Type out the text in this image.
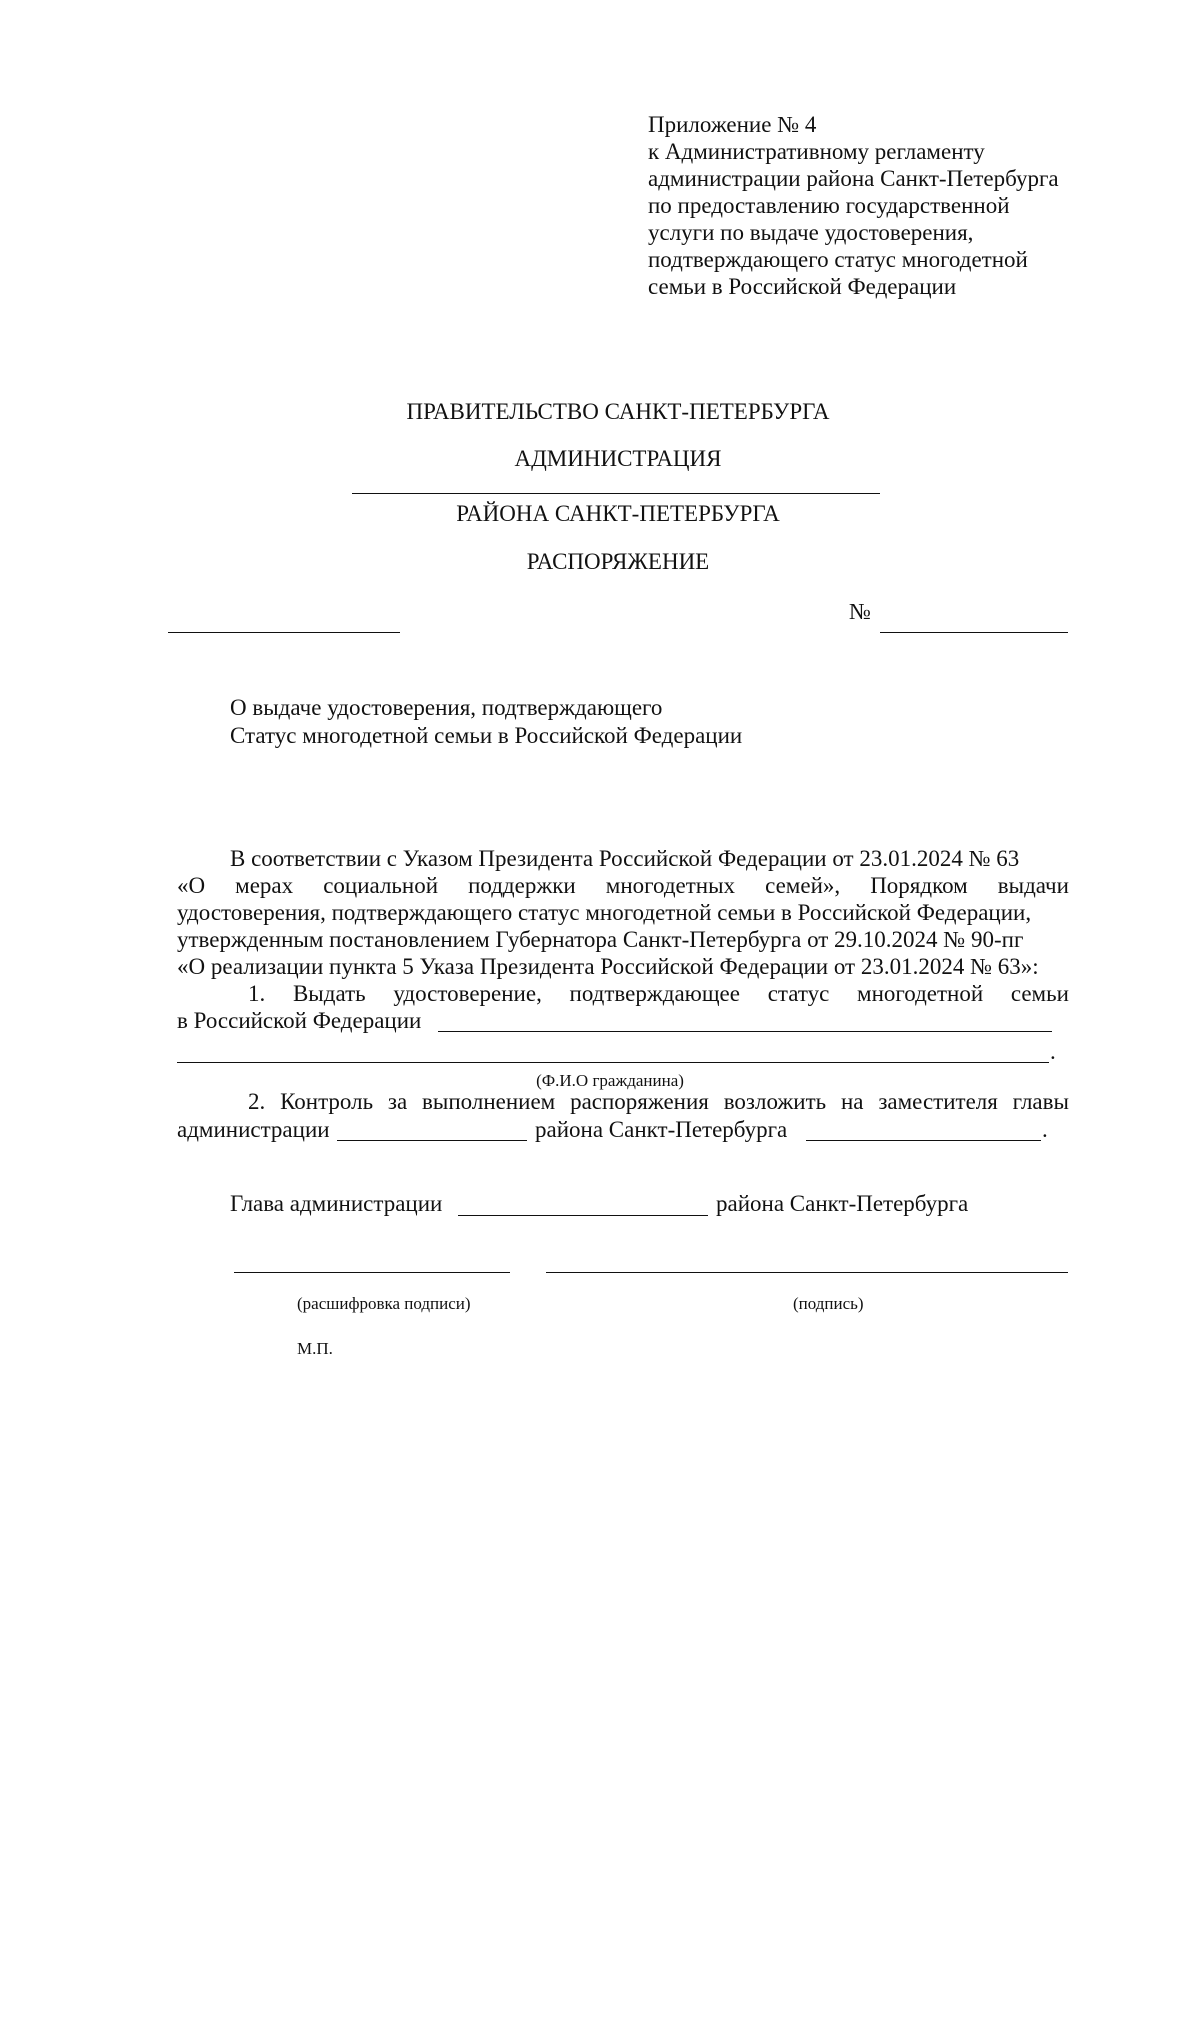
Приложение № 4
к Административному регламенту
администрации района Санкт-Петербурга
по предоставлению государственной
услуги по выдаче удостоверения,
подтверждающего статус многодетной
семьи в Российской Федерации
ПРАВИТЕЛЬСТВО САНКТ-ПЕТЕРБУРГА
АДМИНИСТРАЦИЯ
РАЙОНА САНКТ-ПЕТЕРБУРГА
РАСПОРЯЖЕНИЕ
№
О выдаче удостоверения, подтверждающего
Статус многодетной семьи в Российской Федерации
В соответствии с Указом Президента Российской Федерации от 23.01.2024 № 63
«О мерах социальной поддержки многодетных семей», Порядком выдачи
удостоверения, подтверждающего статус многодетной семьи в Российской Федерации,
утвержденным постановлением Губернатора Санкт-Петербурга от 29.10.2024 № 90-пг
«О реализации пункта 5 Указа Президента Российской Федерации от 23.01.2024 № 63»:
1. Выдать удостоверение, подтверждающее статус многодетной семьи
в Российской Федерации
.
(Ф.И.О гражданина)
2. Контроль за выполнением распоряжения возложить на заместителя главы
администрации	района Санкт-Петербурга	.
Глава администрации	района Санкт-Петербурга
(расшифровка подписи)	(подпись)
М.П.
